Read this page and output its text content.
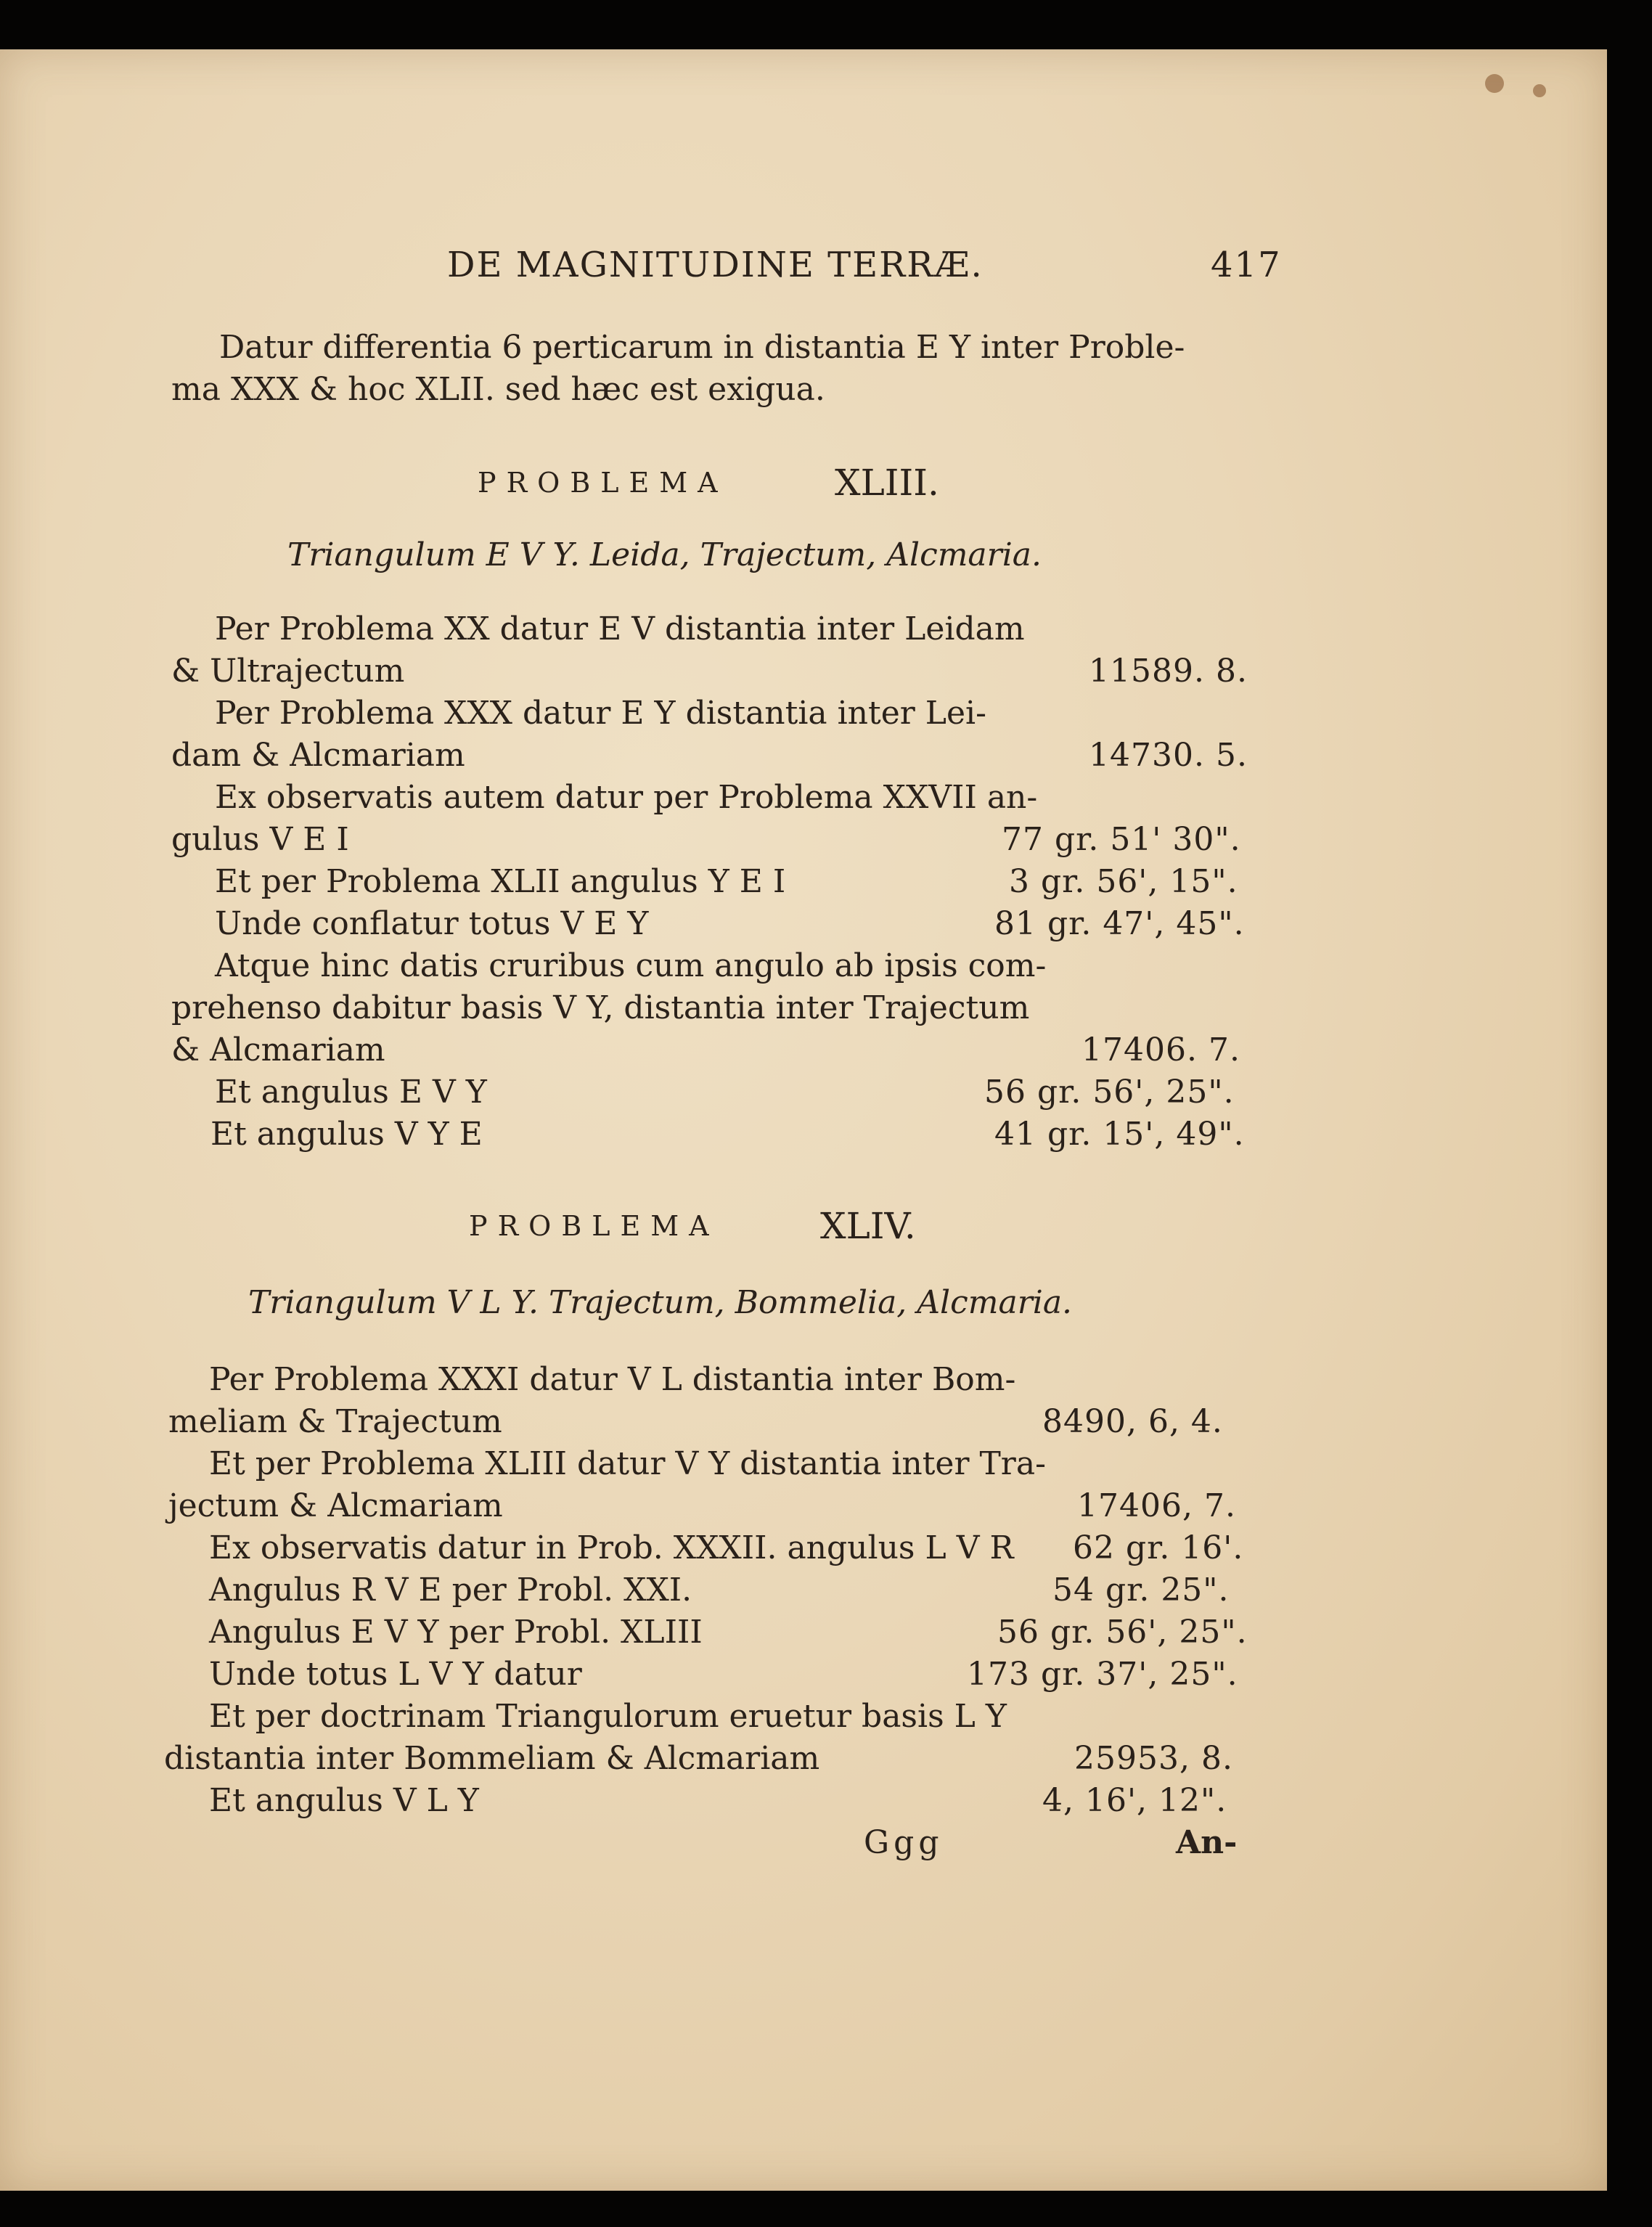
DE MAGNITUDINE TERRÆ.	417
Datur differentia 6 perticarum in distantia E Y inter Proble-
ma XXX & hoc XLII. sed hæc est exigua.
PROBLEMA	XLIII.
Triangulum E V Y. Leida, Trajectum, Alcmaria.
Per Problema XX datur E V distantia inter Leidam
& Ultrajectum	11589. 8.
Per Problema XXX datur E Y distantia inter Lei-
dam & Alcmariam	14730. 5.
Ex observatis autem datur per Problema XXVII an-
gulus V E I	77 gr. 51' 30".
Et per Problema XLII angulus Y E I	3 gr. 56', 15".
Unde conflatur totus V E Y	81 gr. 47', 45".
Atque hinc datis cruribus cum angulo ab ipsis com-
prehenso dabitur basis V Y, distantia inter Trajectum
& Alcmariam	17406. 7.
Et angulus E V Y	56 gr. 56', 25".
Et angulus V Y E	41 gr. 15', 49".
PROBLEMA	XLIV.
Triangulum V L Y. Trajectum, Bommelia, Alcmaria.
Per Problema XXXI datur V L distantia inter Bom-
meliam & Trajectum	8490, 6, 4.
Et per Problema XLIII datur V Y distantia inter Tra-
jectum & Alcmariam	17406, 7.
Ex observatis datur in Prob. XXXII. angulus L V R 62 gr. 16'.
Angulus R V E per Probl. XXI.	54 gr. 25".
Angulus E V Y per Probl. XLIII	56 gr. 56', 25".
Unde totus L V Y datur	173 gr. 37', 25".
Et per doctrinam Triangulorum eruetur basis L Y
distantia inter Bommeliam & Alcmariam	25953, 8.
Et angulus V L Y	4, 16', 12".
Ggg	An-
